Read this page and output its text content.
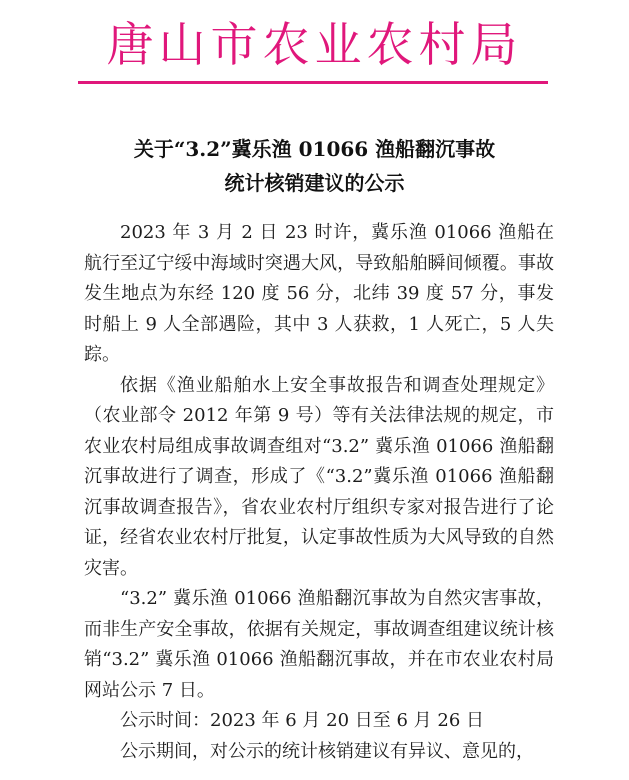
唐山市农业农村局
关于“3.2”冀乐渔 01066 渔船翻沉事故
统计核销建议的公示

2023 年 3 月 2 日 23 时许，冀乐渔 01066 渔船在航行至辽宁绥中海域时突遇大风，导致船舶瞬间倾覆。事故发生地点为东经 120 度 56 分，北纬 39 度 57 分，事发时船上 9 人全部遇险，其中 3 人获救，1 人死亡，5 人失踪。

依据《渔业船舶水上安全事故报告和调查处理规定》（农业部令 2012 年第 9 号）等有关法律法规的规定，市农业农村局组成事故调查组对“3.2” 冀乐渔 01066 渔船翻沉事故进行了调查，形成了《“3.2”冀乐渔 01066 渔船翻沉事故调查报告》，省农业农村厅组织专家对报告进行了论证，经省农业农村厅批复，认定事故性质为大风导致的自然灾害。

“3.2” 冀乐渔 01066 渔船翻沉事故为自然灾害事故，而非生产安全事故，依据有关规定，事故调查组建议统计核销“3.2” 冀乐渔 01066 渔船翻沉事故，并在市农业农村局网站公示 7 日。

公示时间：2023 年 6 月 20 日至 6 月 26 日

公示期间，对公示的统计核销建议有异议、意见的，
